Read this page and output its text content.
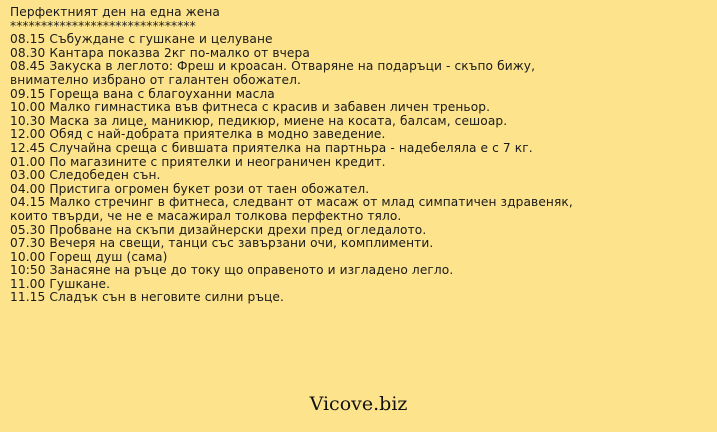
Перфектният ден на една жена
******************************
08.15 Събуждане с гушкане и целуване
08.30 Кантара показва 2кг по-малко от вчера
08.45 Закуска в леглото: Фреш и кроасан. Отваряне на подаръци - скъпо бижу,
внимателно избрано от галантен обожател.
09.15 Гореща вана с благоуханни масла
10.00 Малко гимнастика във фитнеса с красив и забавен личен треньор.
10.30 Маска за лице, маникюр, педикюр, миене на косата, балсам, сешоар.
12.00 Обяд с най-добрата приятелка в модно заведение.
12.45 Случайна среща с бившата приятелка на партньра - надебеляла е с 7 кг.
01.00 По магазините с приятелки и неограничен кредит.
03.00 Следобеден сън.
04.00 Пристига огромен букет рози от таен обожател.
04.15 Малко стречинг в фитнеса, следвант от масаж от млад симпатичен здравеняк,
които твърди, че не е масажирал толкова перфектно тяло.
05.30 Пробване на скъпи дизайнерски дрехи пред огледалото.
07.30 Вечеря на свещи, танци със завързани очи, комплименти.
10.00 Горещ душ (сама)
10:50 Занасяне на ръце до току що оправеното и изгладено легло.
11.00 Гушкане.
11.15 Сладък сън в неговите силни ръце.
Vicove.biz
